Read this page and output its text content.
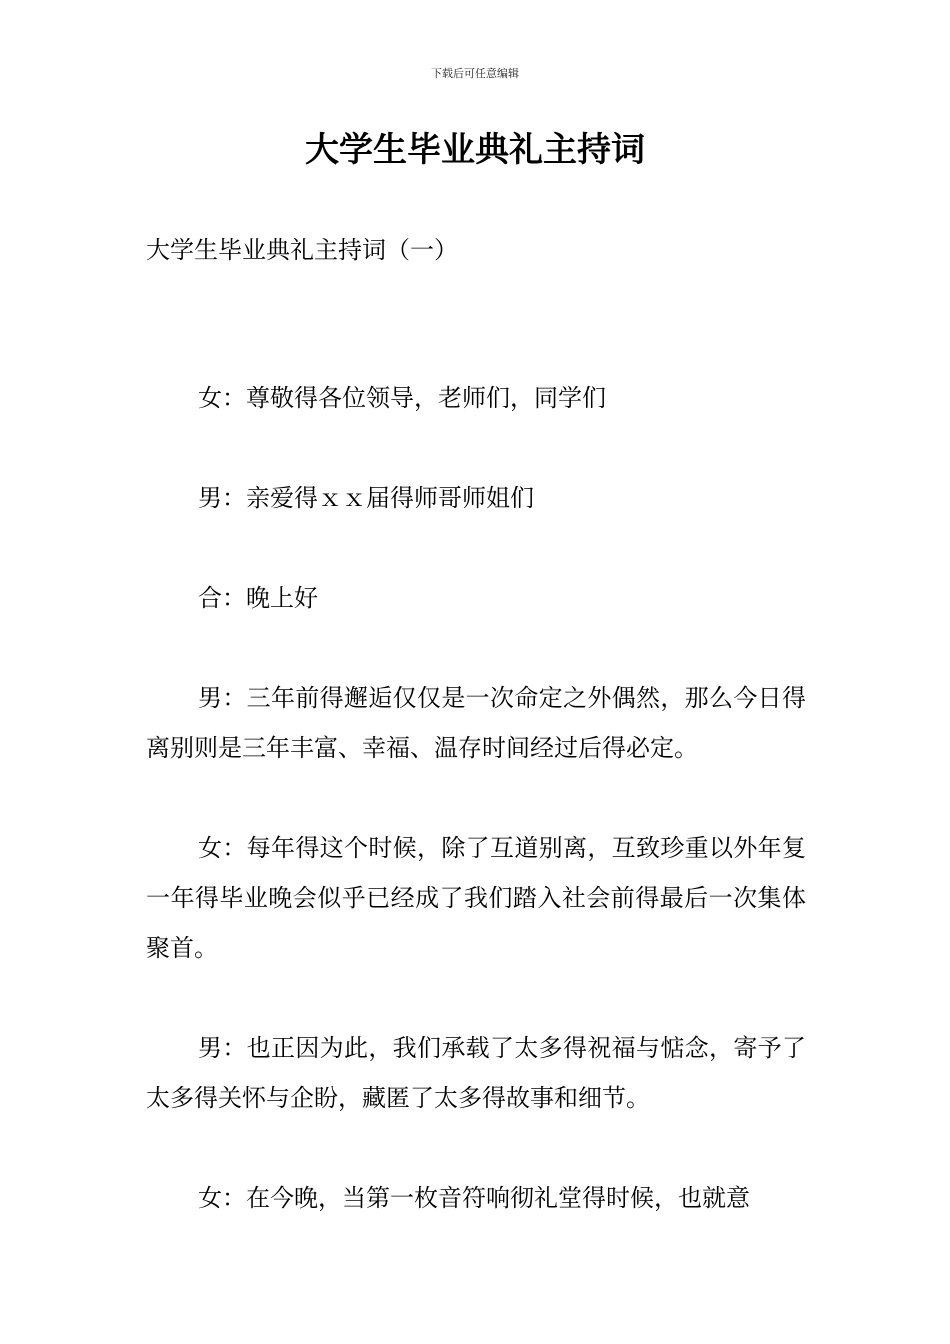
下载后可任意编辑
大学生毕业典礼主持词

大学生毕业典礼主持词（一）

女：尊敬得各位领导，老师们，同学们

男：亲爱得ｘｘ届得师哥师姐们

合：晚上好

男：三年前得邂逅仅仅是一次命定之外偶然，那么今日得离别则是三年丰富、幸福、温存时间经过后得必定。

女：每年得这个时候，除了互道别离，互致珍重以外年复一年得毕业晚会似乎已经成了我们踏入社会前得最后一次集体聚首。

男：也正因为此，我们承载了太多得祝福与惦念，寄予了太多得关怀与企盼，藏匿了太多得故事和细节。

女：在今晚，当第一枚音符响彻礼堂得时候，也就意
